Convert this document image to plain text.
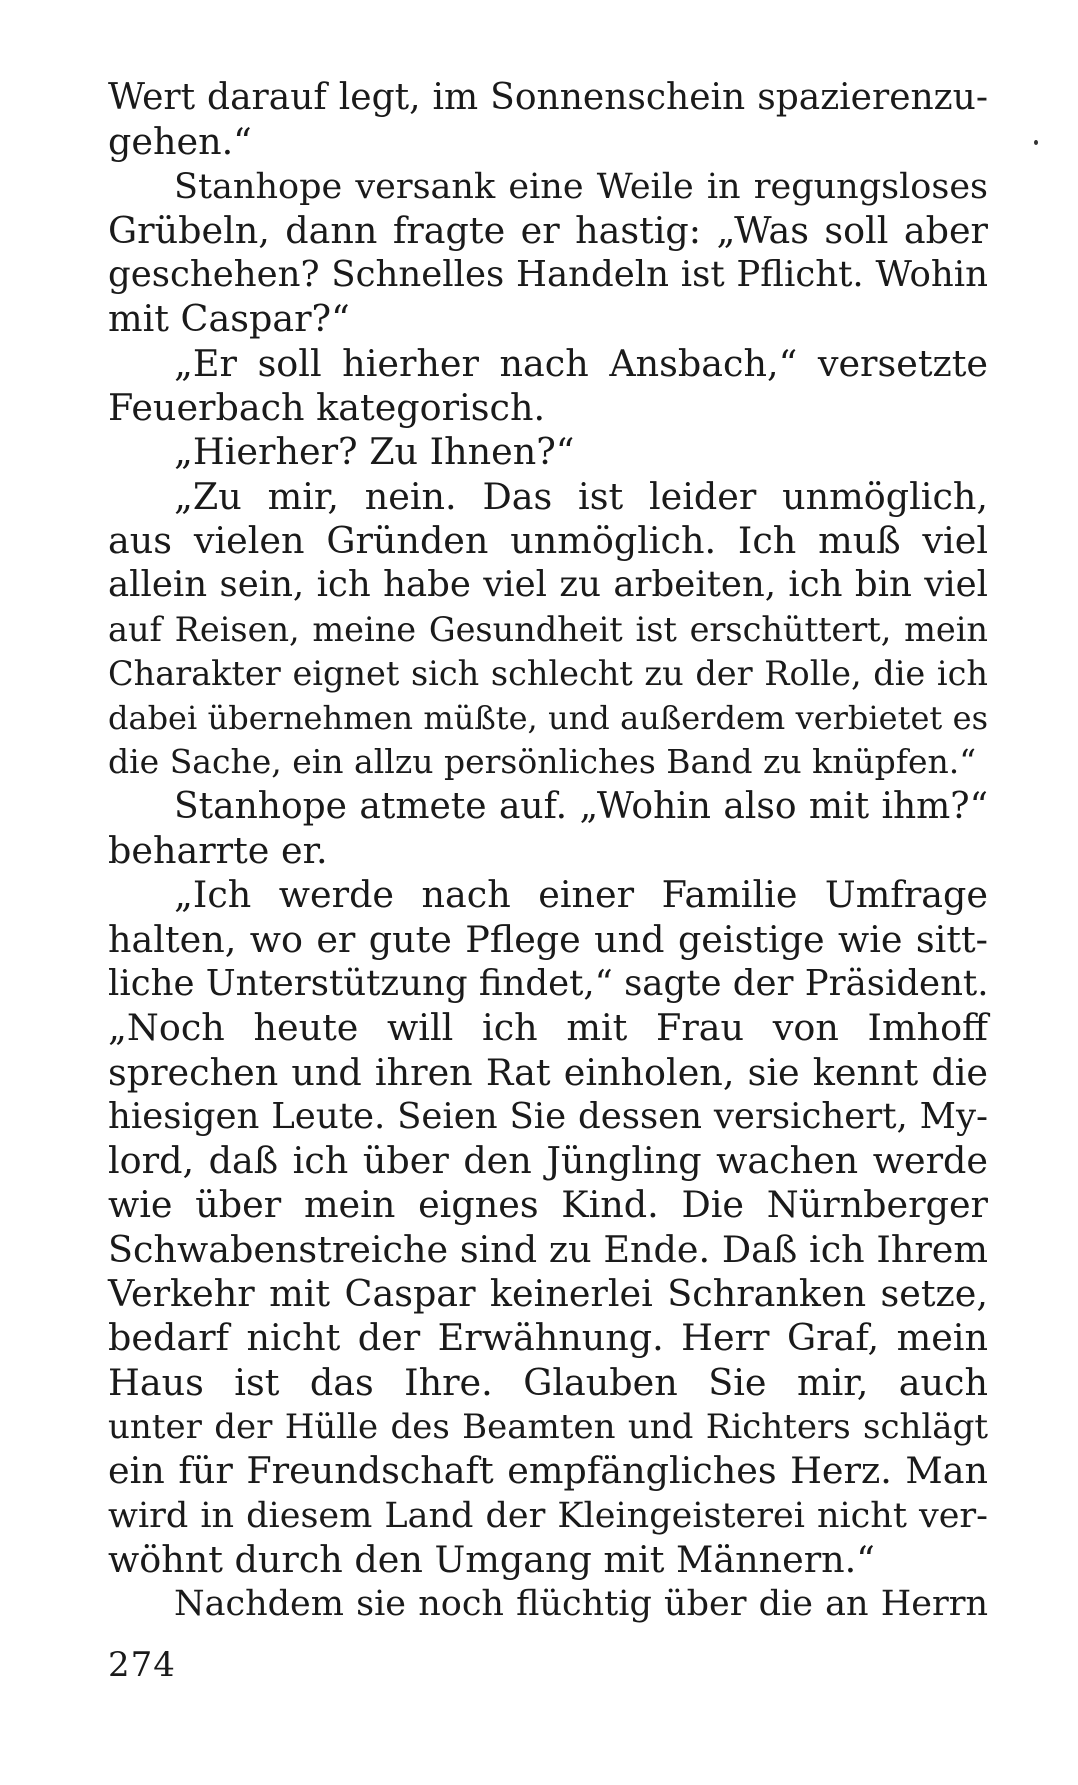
Wert darauf legt, im Sonnenschein spazierenzu-
gehen.“
Stanhope versank eine Weile in regungsloses
Grübeln, dann fragte er hastig: „Was soll aber
geschehen? Schnelles Handeln ist Pflicht. Wohin
mit Caspar?“
„Er soll hierher nach Ansbach,“ versetzte
Feuerbach kategorisch.
„Hierher? Zu Ihnen?“
„Zu mir, nein. Das ist leider unmöglich,
aus vielen Gründen unmöglich. Ich muß viel
allein sein, ich habe viel zu arbeiten, ich bin viel
auf Reisen, meine Gesundheit ist erschüttert, mein
Charakter eignet sich schlecht zu der Rolle, die ich
dabei übernehmen müßte, und außerdem verbietet es
die Sache, ein allzu persönliches Band zu knüpfen.“
Stanhope atmete auf. „Wohin also mit ihm?“
beharrte er.
„Ich werde nach einer Familie Umfrage
halten, wo er gute Pflege und geistige wie sitt-
liche Unterstützung findet,“ sagte der Präsident.
„Noch heute will ich mit Frau von Imhoff
sprechen und ihren Rat einholen, sie kennt die
hiesigen Leute. Seien Sie dessen versichert, My-
lord, daß ich über den Jüngling wachen werde
wie über mein eignes Kind. Die Nürnberger
Schwabenstreiche sind zu Ende. Daß ich Ihrem
Verkehr mit Caspar keinerlei Schranken setze,
bedarf nicht der Erwähnung. Herr Graf, mein
Haus ist das Ihre. Glauben Sie mir, auch
unter der Hülle des Beamten und Richters schlägt
ein für Freundschaft empfängliches Herz. Man
wird in diesem Land der Kleingeisterei nicht ver-
wöhnt durch den Umgang mit Männern.“
Nachdem sie noch flüchtig über die an Herrn
274
